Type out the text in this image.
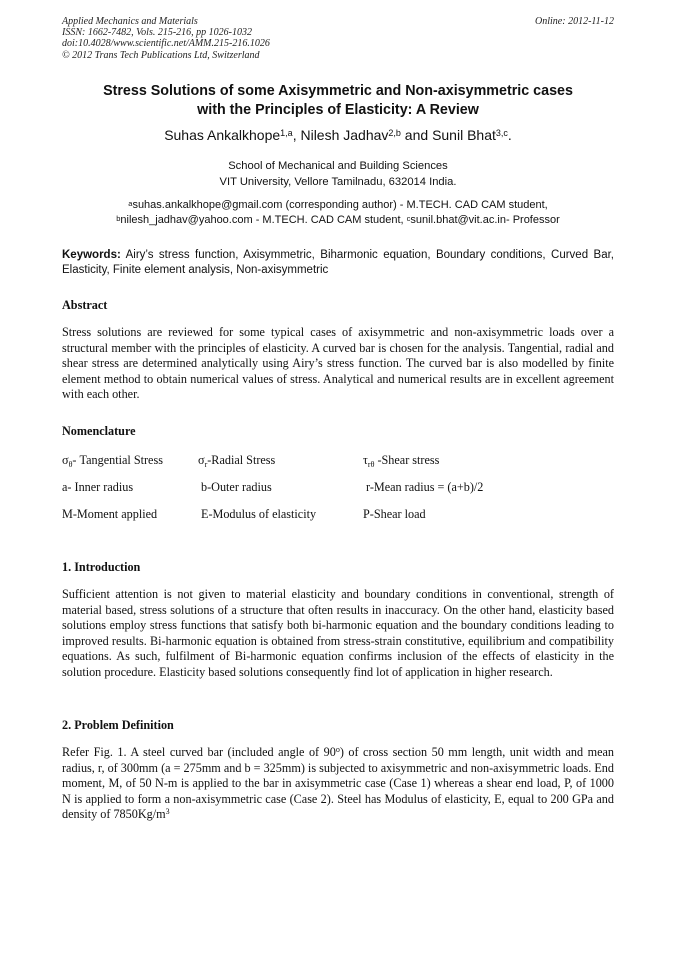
Applied Mechanics and Materials
ISSN: 1662-7482, Vols. 215-216, pp 1026-1032
doi:10.4028/www.scientific.net/AMM.215-216.1026
© 2012 Trans Tech Publications Ltd, Switzerland
Online: 2012-11-12
Stress Solutions of some Axisymmetric and Non-axisymmetric cases
with the Principles of Elasticity: A Review
Suhas Ankalkhope$^{1,a}$, Nilesh Jadhav$^{2,b}$ and Sunil Bhat$^{3,c}$.
School of Mechanical and Building Sciences
VIT University, Vellore Tamilnadu, 632014 India.
$^a$suhas.ankalkhope@gmail.com (corresponding author) - M.TECH. CAD CAM student,
$^b$nilesh_jadhav@yahoo.com - M.TECH. CAD CAM student, $^c$sunil.bhat@vit.ac.in- Professor
Keywords: Airy’s stress function, Axisymmetric, Biharmonic equation, Boundary conditions, Curved Bar, Elasticity, Finite element analysis, Non-axisymmetric
Abstract
Stress solutions are reviewed for some typical cases of axisymmetric and non-axisymmetric loads over a structural member with the principles of elasticity. A curved bar is chosen for the analysis. Tangential, radial and shear stress are determined analytically using Airy’s stress function. The curved bar is also modelled by finite element method to obtain numerical values of stress. Analytical and numerical results are in excellent agreement with each other.
Nomenclature
$\sigma_\theta-$ Tangential Stress	$\sigma_r$-Radial Stress	$\tau_{r\theta}$ -Shear stress
a- Inner radius	b-Outer radius	r-Mean radius = (a+b)/2
M-Moment applied	E-Modulus of elasticity	P-Shear load
1. Introduction
Sufficient attention is not given to material elasticity and boundary conditions in conventional, strength of material based, stress solutions of a structure that often results in inaccuracy. On the other hand, elasticity based solutions employ stress functions that satisfy both bi-harmonic equation and the boundary conditions leading to improved results. Bi-harmonic equation is obtained from stress-strain constitutive, equilibrium and compatibility equations. As such, fulfilment of Bi-harmonic equation confirms inclusion of the effects of elasticity in the solution procedure. Elasticity based solutions consequently find lot of application in higher research.
2. Problem Definition
Refer Fig. 1. A steel curved bar (included angle of 90$^o$) of cross section 50 mm length, unit width and mean radius, r, of 300mm (a = 275mm and b = 325mm) is subjected to axisymmetric and non-axisymmetric loads. End moment, M, of 50 N-m is applied to the bar in axisymmetric case (Case 1) whereas a shear end load, P, of 1000 N is applied to form a non-axisymmetric case (Case 2). Steel has Modulus of elasticity, E, equal to 200 GPa and density of $7850Kg/m^3$
